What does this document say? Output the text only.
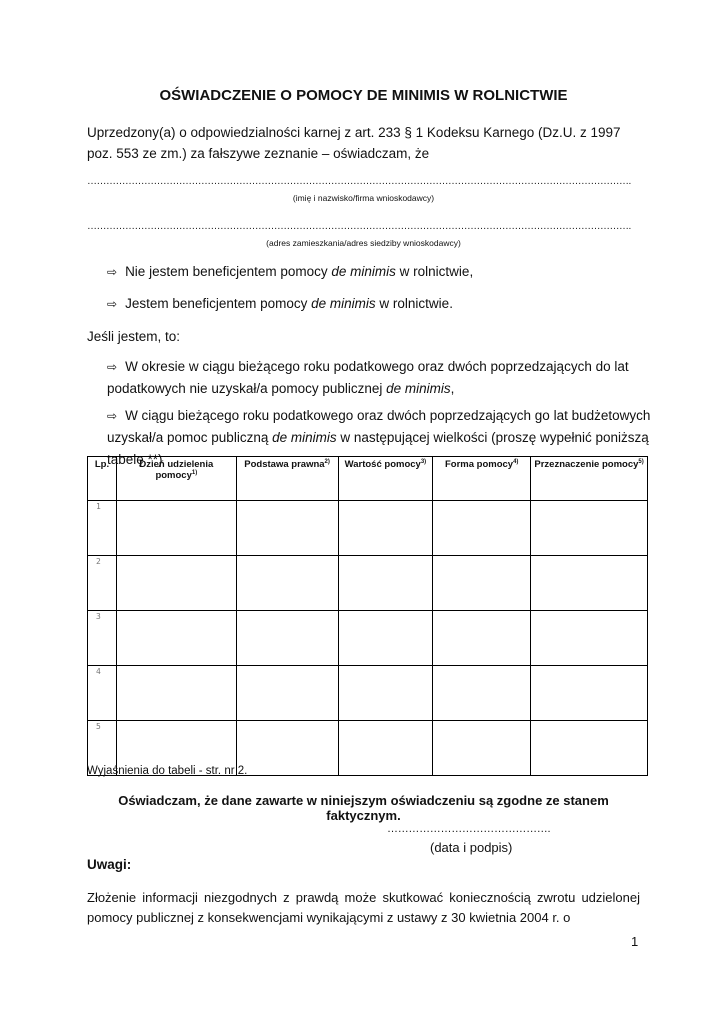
OŚWIADCZENIE O POMOCY DE MINIMIS W ROLNICTWIE
Uprzedzony(a) o odpowiedzialności karnej z art. 233 § 1 Kodeksu Karnego (Dz.U. z 1997 poz. 553 ze zm.) za fałszywe zeznanie – oświadczam, że
……………………………………………………………………………………………………………………………………………………….
(imię i nazwisko/firma wnioskodawcy)
……………………………………………………………………………………………………………………………………………………….
(adres zamieszkania/adres siedziby wnioskodawcy)
⇨ Nie jestem beneficjentem pomocy de minimis w rolnictwie,
⇨ Jestem beneficjentem pomocy de minimis w rolnictwie.
Jeśli jestem, to:
⇨ W okresie w ciągu bieżącego roku podatkowego oraz dwóch poprzedzających do lat podatkowych nie uzyskał/a pomocy publicznej de minimis,
⇨ W ciągu bieżącego roku podatkowego oraz dwóch poprzedzających go lat budżetowych uzyskał/a pomoc publiczną de minimis w następującej wielkości (proszę wypełnić poniższą tabelę **)
Oświadczam, że dane zawarte w niniejszym oświadczeniu są zgodne ze stanem faktycznym.
Uwagi:
Złożenie informacji niezgodnych z prawdą może skutkować koniecznością zwrotu udzielonej pomocy publicznej z konsekwencjami wynikającymi z ustawy z 30 kwietnia 2004 r. o
1
Lp.	Dzień udzielenia pomocy$^{1)}$	Podstawa prawna$^{2)}$	Wartość pomocy$^{3)}$	Forma pomocy$^{4)}$	Przeznaczenie pomocy$^{5)}$
1					
2					
3					
4					
5					
Wyjaśnienia do tabeli - str. nr 2.
……………………………………….
(data i podpis)
